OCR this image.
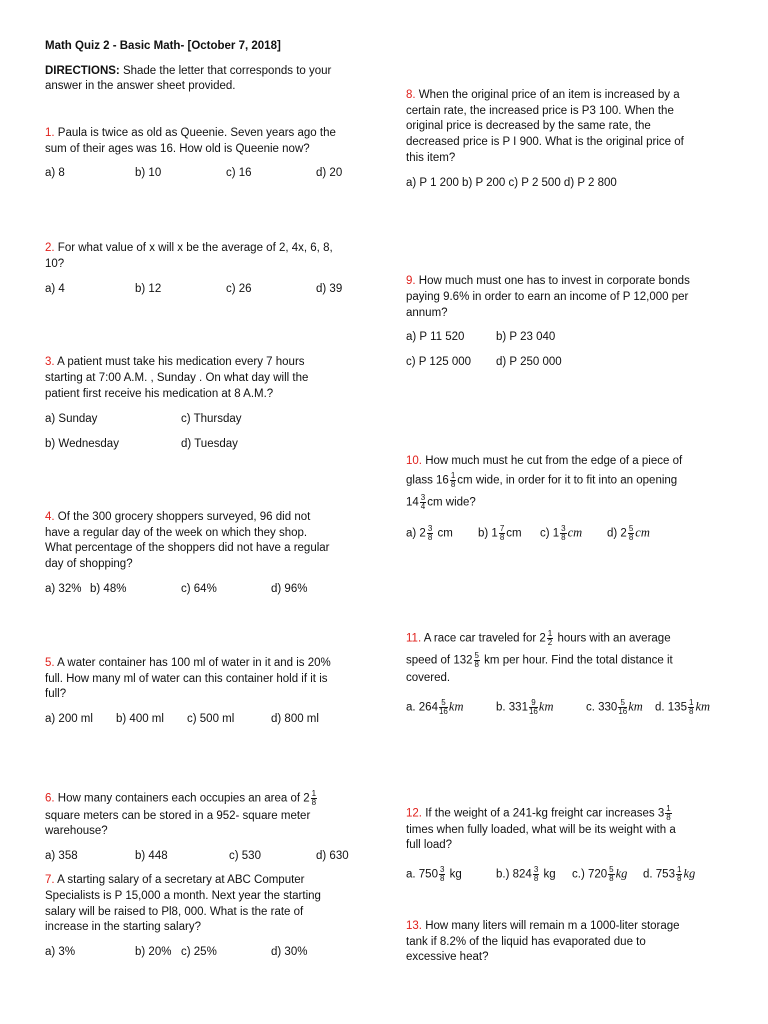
Math Quiz 2 - Basic Math- [October 7, 2018]
DIRECTIONS: Shade the letter that corresponds to your
answer in the answer sheet provided.
1. Paula is twice as old as Queenie. Seven years ago the
sum of their ages was 16. How old is Queenie now?
a) 8	b) 10	c) 16	d) 20
2. For what value of x will x be the average of 2, 4x, 6, 8,
10?
a) 4	b) 12	c) 26	d) 39
3. A patient must take his medication every 7 hours
starting at 7:00 A.M. , Sunday . On what day will the
patient first receive his medication at 8 A.M.?
a) Sunday	c) Thursday
b) Wednesday	d) Tuesday
4. Of the 300 grocery shoppers surveyed, 96 did not
have a regular day of the week on which they shop.
What percentage of the shoppers did not have a regular
day of shopping?
a) 32% b) 48%	c) 64%	d) 96%
5. A water container has 100 ml of water in it and is 20%
full. How many ml of water can this container hold if it is
full?
a) 200 ml b) 400 ml c) 500 ml	d) 800 ml
6. How many containers each occupies an area of $2 \frac{1}{8}$
square meters can be stored in a 952- square meter
warehouse?
a) 358	b) 448	c) 530	d) 630
7. A starting salary of a secretary at ABC Computer
Specialists is P 15,000 a month. Next year the starting
salary will be raised to Pl8, 000. What is the rate of
increase in the starting salary?
a) 3%	b) 20% c) 25%	d) 30%
8. When the original price of an item is increased by a
certain rate, the increased price is P3 100. When the
original price is decreased by the same rate, the
decreased price is P I 900. What is the original price of
this item?
a) P 1 200 b) P 200 c) P 2 500 d) P 2 800
9. How much must one has to invest in corporate bonds
paying 9.6% in order to earn an income of P 12,000 per
annum?
a) P 11 520	b) P 23 040
c) P 125 000 d) P 250 000
10. How much must he cut from the edge of a piece of
glass $16 \frac{1}{8}$ cm wide, in order for it to fit into an opening
$14 \frac{3}{4}$ cm wide?
a) $2 \frac{3}{8}$ cm b) $1 \frac{7}{8}$ cm c) $1 \frac{3}{8}$ cm d) $2 \frac{5}{8}$ cm
11. A race car traveled for $2 \frac{1}{2}$ hours with an average
speed of $132 \frac{5}{8}$ km per hour. Find the total distance it
covered.
a. $264 \frac{5}{16}$ km	b. $331 \frac{9}{16}$ km	c. $330 \frac{5}{16}$ km d. $135 \frac{1}{8}$ km
12. If the weight of a 241-kg freight car increases $3 \frac{1}{8}$
times when fully loaded, what will be its weight with a
full load?
a. $750 \frac{3}{8}$ kg	b.) $824 \frac{3}{8}$ kg c.) $720 \frac{5}{8}$ kg d. $753 \frac{1}{8}$ kg
13. How many liters will remain m a 1000-liter storage
tank if 8.2% of the liquid has evaporated due to
excessive heat?
